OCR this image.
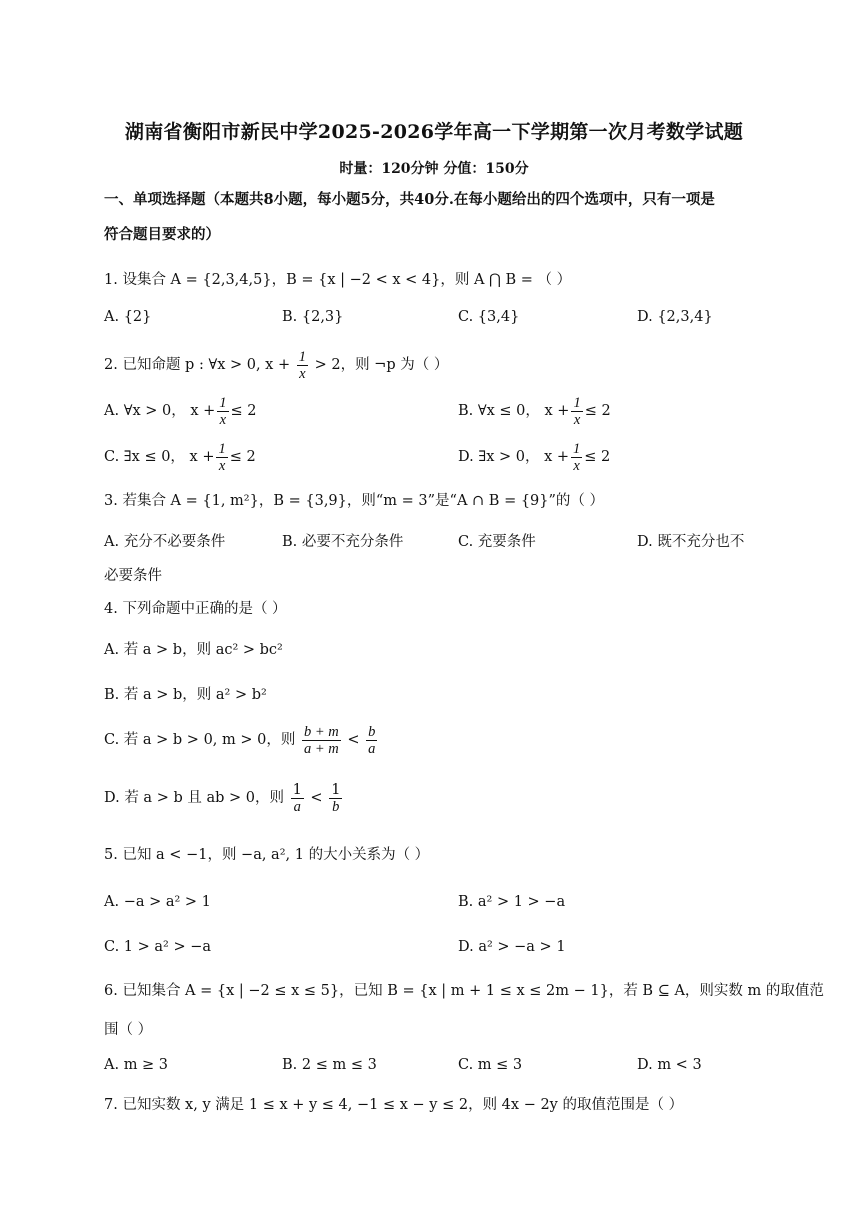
湖南省衡阳市新民中学2025-2026学年高一下学期第一次月考数学试题
时量：120分钟 分值：150分
一、单项选择题（本题共8小题，每小题5分，共40分.在每小题给出的四个选项中，只有一项是
符合题目要求的）
1. 设集合 A = {2,3,4,5}，B = {x | −2 < x < 4}，则 A ⋂ B = （ ）
A. {2}	B. {2,3}	C. {3,4}	D. {2,3,4}
2. 已知命题 p : ∀x > 0, $x + \frac{1}{x} > 2$，则 ¬p 为（ ）
A. ∀x > 0， $x + \frac{1}{x} \le 2$	B. ∀x ≤ 0， $x + \frac{1}{x} \le 2$
C. ∃x ≤ 0， $x + \frac{1}{x} \le 2$	D. ∃x > 0， $x + \frac{1}{x} \le 2$
3. 若集合 A = {1, m²}，B = {3,9}，则“m = 3”是“A ∩ B = {9}”的（ ）
A. 充分不必要条件	B. 必要不充分条件	C. 充要条件	D. 既不充分也不
必要条件
4. 下列命题中正确的是（ ）
A. 若 a > b，则 ac² > bc²
B. 若 a > b，则 a² > b²
C. 若 a > b > 0, m > 0，则 $\frac{b + m}{a + m} < \frac{b}{a}$
D. 若 a > b 且 ab > 0，则 $\frac{1}{a} < \frac{1}{b}$
5. 已知 a < −1，则 −a, a², 1 的大小关系为（ ）
A. −a > a² > 1	B. a² > 1 > −a
C. 1 > a² > −a	D. a² > −a > 1
6. 已知集合 A = {x | −2 ≤ x ≤ 5}，已知 B = {x | m + 1 ≤ x ≤ 2m − 1}，若 B ⊆ A，则实数 m 的取值范
围（ ）
A. m ≥ 3	B. 2 ≤ m ≤ 3	C. m ≤ 3	D. m < 3
7. 已知实数 x, y 满足 1 ≤ x + y ≤ 4, −1 ≤ x − y ≤ 2，则 4x − 2y 的取值范围是（ ）
